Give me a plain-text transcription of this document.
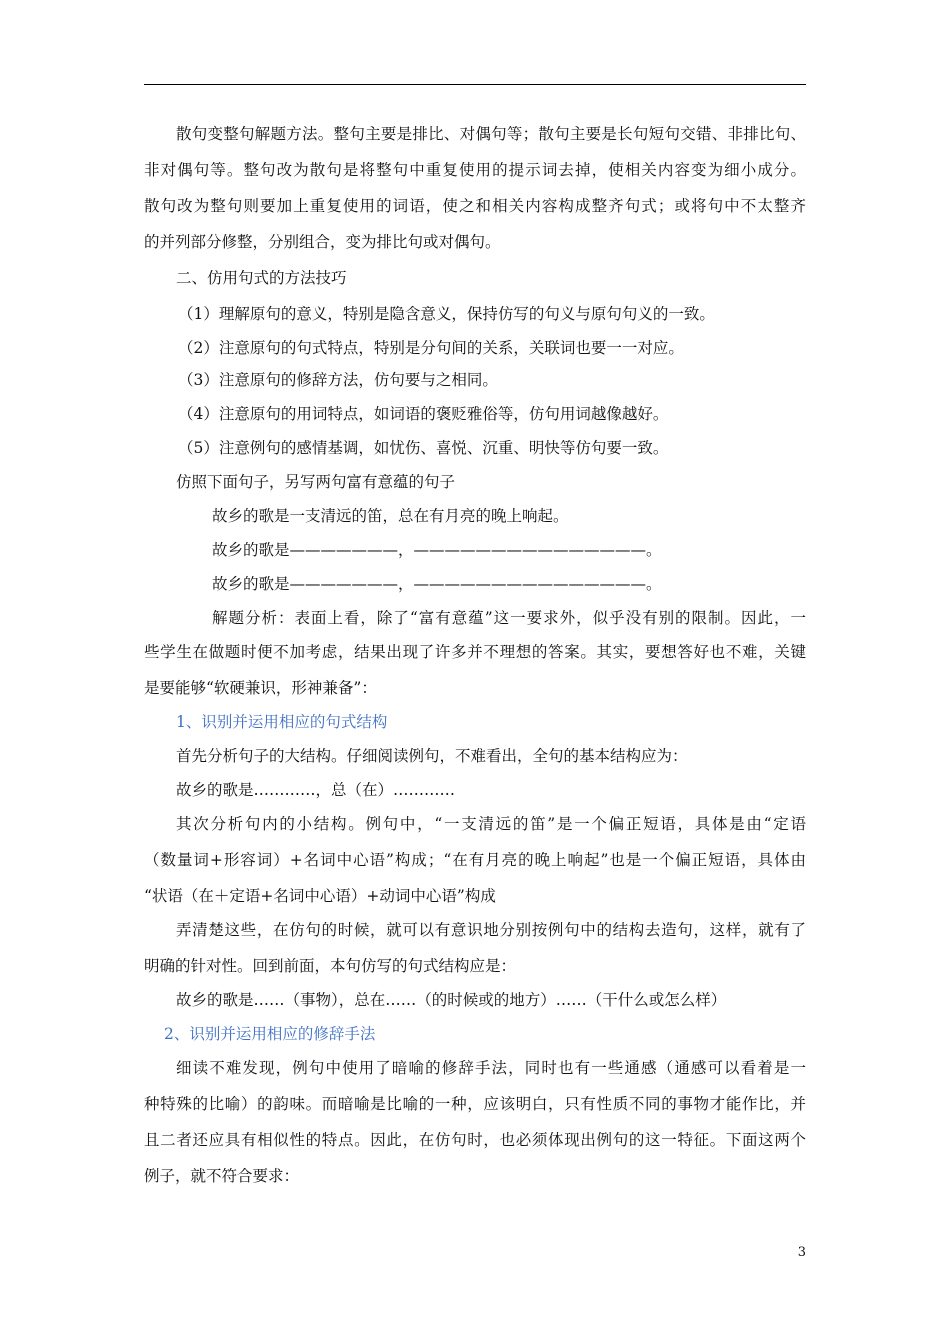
散句变整句解题方法。整句主要是排比、对偶句等；散句主要是长句短句交错、非排比句、
非对偶句等。整句改为散句是将整句中重复使用的提示词去掉，使相关内容变为细小成分。
散句改为整句则要加上重复使用的词语，使之和相关内容构成整齐句式；或将句中不太整齐
的并列部分修整，分别组合，变为排比句或对偶句。
二、仿用句式的方法技巧
（1）理解原句的意义，特别是隐含意义，保持仿写的句义与原句句义的一致。
（2）注意原句的句式特点，特别是分句间的关系，关联词也要一一对应。
（3）注意原句的修辞方法，仿句要与之相同。
（4）注意原句的用词特点，如词语的褒贬雅俗等，仿句用词越像越好。
（5）注意例句的感情基调，如忧伤、喜悦、沉重、明快等仿句要一致。
仿照下面句子，另写两句富有意蕴的句子
故乡的歌是一支清远的笛，总在有月亮的晚上响起。
故乡的歌是———————，———————————————。
故乡的歌是———————，———————————————。
解题分析：表面上看，除了“富有意蕴”这一要求外，似乎没有别的限制。因此，一
些学生在做题时便不加考虑，结果出现了许多并不理想的答案。其实，要想答好也不难，关键
是要能够“软硬兼识，形神兼备”：
1、识别并运用相应的句式结构
首先分析句子的大结构。仔细阅读例句，不难看出，全句的基本结构应为：
故乡的歌是…………，总（在）…………
其次分析句内的小结构。例句中，“一支清远的笛”是一个偏正短语，具体是由“定语
（数量词+形容词）+名词中心语”构成；“在有月亮的晚上响起”也是一个偏正短语，具体由
“状语（在＋定语+名词中心语）+动词中心语”构成
弄清楚这些，在仿句的时候，就可以有意识地分别按例句中的结构去造句，这样，就有了
明确的针对性。回到前面，本句仿写的句式结构应是：
故乡的歌是……（事物），总在……（的时候或的地方）……（干什么或怎么样）
2、识别并运用相应的修辞手法
细读不难发现，例句中使用了暗喻的修辞手法，同时也有一些通感（通感可以看着是一
种特殊的比喻）的韵味。而暗喻是比喻的一种，应该明白，只有性质不同的事物才能作比，并
且二者还应具有相似性的特点。因此，在仿句时，也必须体现出例句的这一特征。下面这两个
例子，就不符合要求：
3
